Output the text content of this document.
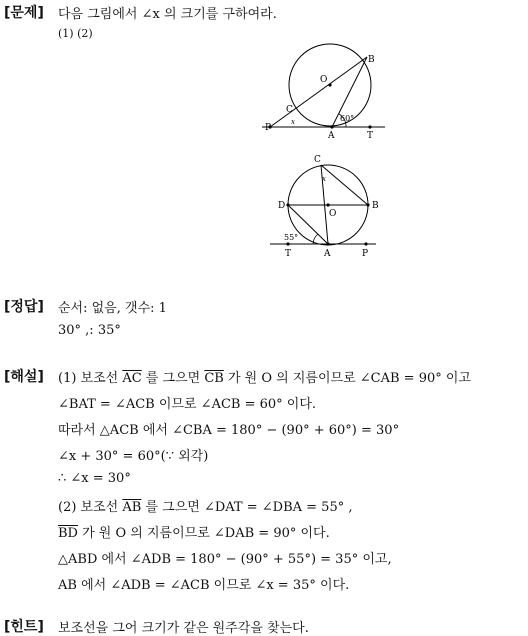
[문제] 다음 그림에서 ∠x 의 크기를 구하여라.
(1) (2)
O
B
C
x	60°
P
A	T
C
x
D
O
B
55°
T	A	P
[정답] 순서: 없음, 갯수: 1
30° ,: 35°
[해설] (1) 보조선 $\overline{AC}$ 를 그으면 $\overline{CB}$ 가 원 O 의 지름이므로 ∠CAB = 90° 이고
∠BAT = ∠ACB 이므로 ∠ACB = 60° 이다.
따라서 △ACB 에서 ∠CBA = 180° − (90° + 60°) = 30°
∠x + 30° = 60°(∵ 외각)
∴ ∠x = 30°
(2) 보조선 $\overline{AB}$ 를 그으면 ∠DAT = ∠DBA = 55° ,
$\overline{BD}$ 가 원 O 의 지름이므로 ∠DAB = 90° 이다.
△ABD 에서 ∠ADB = 180° − (90° + 55°) = 35° 이고,
AB 에서 ∠ADB = ∠ACB 이므로 ∠x = 35° 이다.
[힌트] 보조선을 그어 크기가 같은 원주각을 찾는다.
